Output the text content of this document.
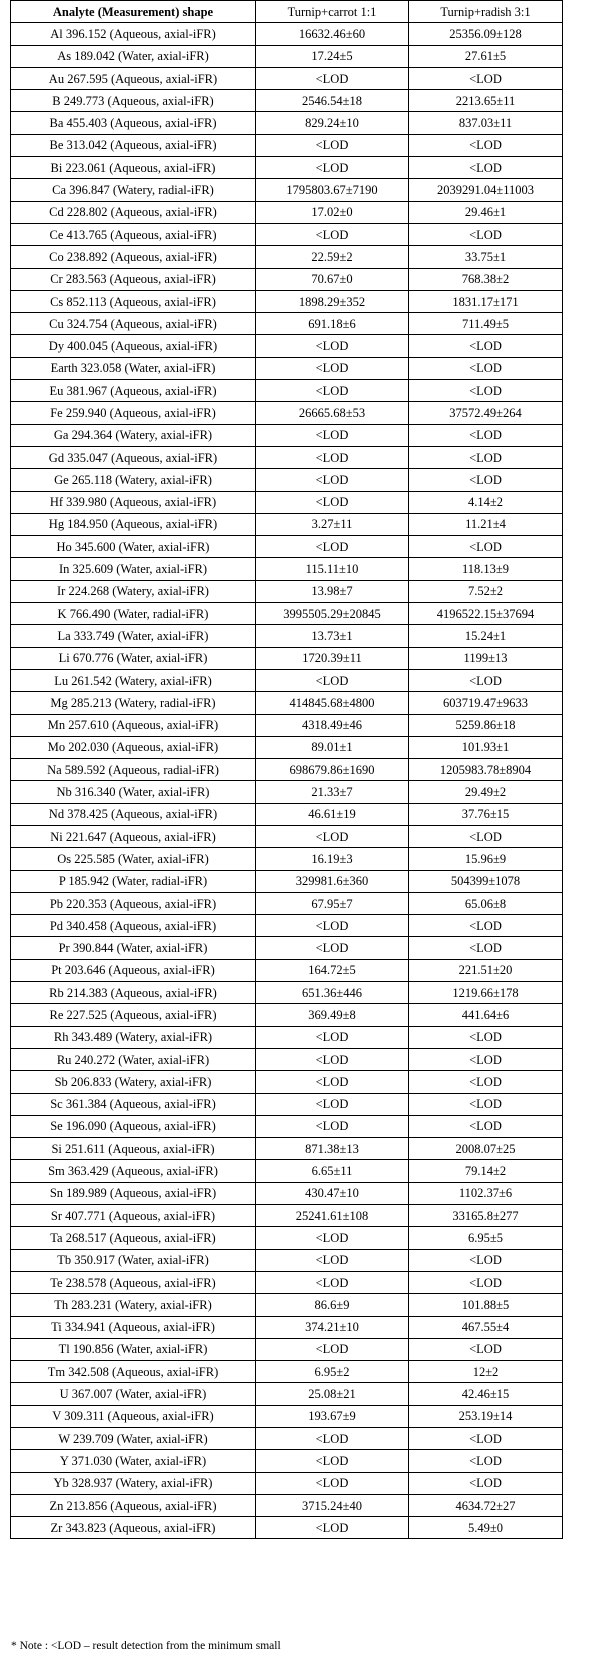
Analyte (Measurement) shape	Turnip+carrot 1:1	Turnip+radish 3:1
Al 396.152 (Aqueous, axial-iFR)	16632.46±60	25356.09±128
As 189.042 (Water, axial-iFR)	17.24±5	27.61±5
Au 267.595 (Aqueous, axial-iFR)	<LOD	<LOD
B 249.773 (Aqueous, axial-iFR)	2546.54±18	2213.65±11
Ba 455.403 (Aqueous, axial-iFR)	829.24±10	837.03±11
Be 313.042 (Aqueous, axial-iFR)	<LOD	<LOD
Bi 223.061 (Aqueous, axial-iFR)	<LOD	<LOD
Ca 396.847 (Watery, radial-iFR)	1795803.67±7190	2039291.04±11003
Cd 228.802 (Aqueous, axial-iFR)	17.02±0	29.46±1
Ce 413.765 (Aqueous, axial-iFR)	<LOD	<LOD
Co 238.892 (Aqueous, axial-iFR)	22.59±2	33.75±1
Cr 283.563 (Aqueous, axial-iFR)	70.67±0	768.38±2
Cs 852.113 (Aqueous, axial-iFR)	1898.29±352	1831.17±171
Cu 324.754 (Aqueous, axial-iFR)	691.18±6	711.49±5
Dy 400.045 (Aqueous, axial-iFR)	<LOD	<LOD
Earth 323.058 (Water, axial-iFR)	<LOD	<LOD
Eu 381.967 (Aqueous, axial-iFR)	<LOD	<LOD
Fe 259.940 (Aqueous, axial-iFR)	26665.68±53	37572.49±264
Ga 294.364 (Watery, axial-iFR)	<LOD	<LOD
Gd 335.047 (Aqueous, axial-iFR)	<LOD	<LOD
Ge 265.118 (Watery, axial-iFR)	<LOD	<LOD
Hf 339.980 (Aqueous, axial-iFR)	<LOD	4.14±2
Hg 184.950 (Aqueous, axial-iFR)	3.27±11	11.21±4
Ho 345.600 (Water, axial-iFR)	<LOD	<LOD
In 325.609 (Water, axial-iFR)	115.11±10	118.13±9
Ir 224.268 (Watery, axial-iFR)	13.98±7	7.52±2
K 766.490 (Water, radial-iFR)	3995505.29±20845	4196522.15±37694
La 333.749 (Water, axial-iFR)	13.73±1	15.24±1
Li 670.776 (Water, axial-iFR)	1720.39±11	1199±13
Lu 261.542 (Watery, axial-iFR)	<LOD	<LOD
Mg 285.213 (Watery, radial-iFR)	414845.68±4800	603719.47±9633
Mn 257.610 (Aqueous, axial-iFR)	4318.49±46	5259.86±18
Mo 202.030 (Aqueous, axial-iFR)	89.01±1	101.93±1
Na 589.592 (Aqueous, radial-iFR)	698679.86±1690	1205983.78±8904
Nb 316.340 (Water, axial-iFR)	21.33±7	29.49±2
Nd 378.425 (Aqueous, axial-iFR)	46.61±19	37.76±15
Ni 221.647 (Aqueous, axial-iFR)	<LOD	<LOD
Os 225.585 (Water, axial-iFR)	16.19±3	15.96±9
P 185.942 (Water, radial-iFR)	329981.6±360	504399±1078
Pb 220.353 (Aqueous, axial-iFR)	67.95±7	65.06±8
Pd 340.458 (Aqueous, axial-iFR)	<LOD	<LOD
Pr 390.844 (Water, axial-iFR)	<LOD	<LOD
Pt 203.646 (Aqueous, axial-iFR)	164.72±5	221.51±20
Rb 214.383 (Aqueous, axial-iFR)	651.36±446	1219.66±178
Re 227.525 (Aqueous, axial-iFR)	369.49±8	441.64±6
Rh 343.489 (Watery, axial-iFR)	<LOD	<LOD
Ru 240.272 (Water, axial-iFR)	<LOD	<LOD
Sb 206.833 (Watery, axial-iFR)	<LOD	<LOD
Sc 361.384 (Aqueous, axial-iFR)	<LOD	<LOD
Se 196.090 (Aqueous, axial-iFR)	<LOD	<LOD
Si 251.611 (Aqueous, axial-iFR)	871.38±13	2008.07±25
Sm 363.429 (Aqueous, axial-iFR)	6.65±11	79.14±2
Sn 189.989 (Aqueous, axial-iFR)	430.47±10	1102.37±6
Sr 407.771 (Aqueous, axial-iFR)	25241.61±108	33165.8±277
Ta 268.517 (Aqueous, axial-iFR)	<LOD	6.95±5
Tb 350.917 (Water, axial-iFR)	<LOD	<LOD
Te 238.578 (Aqueous, axial-iFR)	<LOD	<LOD
Th 283.231 (Watery, axial-iFR)	86.6±9	101.88±5
Ti 334.941 (Aqueous, axial-iFR)	374.21±10	467.55±4
Tl 190.856 (Water, axial-iFR)	<LOD	<LOD
Tm 342.508 (Aqueous, axial-iFR)	6.95±2	12±2
U 367.007 (Water, axial-iFR)	25.08±21	42.46±15
V 309.311 (Aqueous, axial-iFR)	193.67±9	253.19±14
W 239.709 (Water, axial-iFR)	<LOD	<LOD
Y 371.030 (Water, axial-iFR)	<LOD	<LOD
Yb 328.937 (Watery, axial-iFR)	<LOD	<LOD
Zn 213.856 (Aqueous, axial-iFR)	3715.24±40	4634.72±27
Zr 343.823 (Aqueous, axial-iFR)	<LOD	5.49±0
* Note : <LOD – result detection from the minimum small
